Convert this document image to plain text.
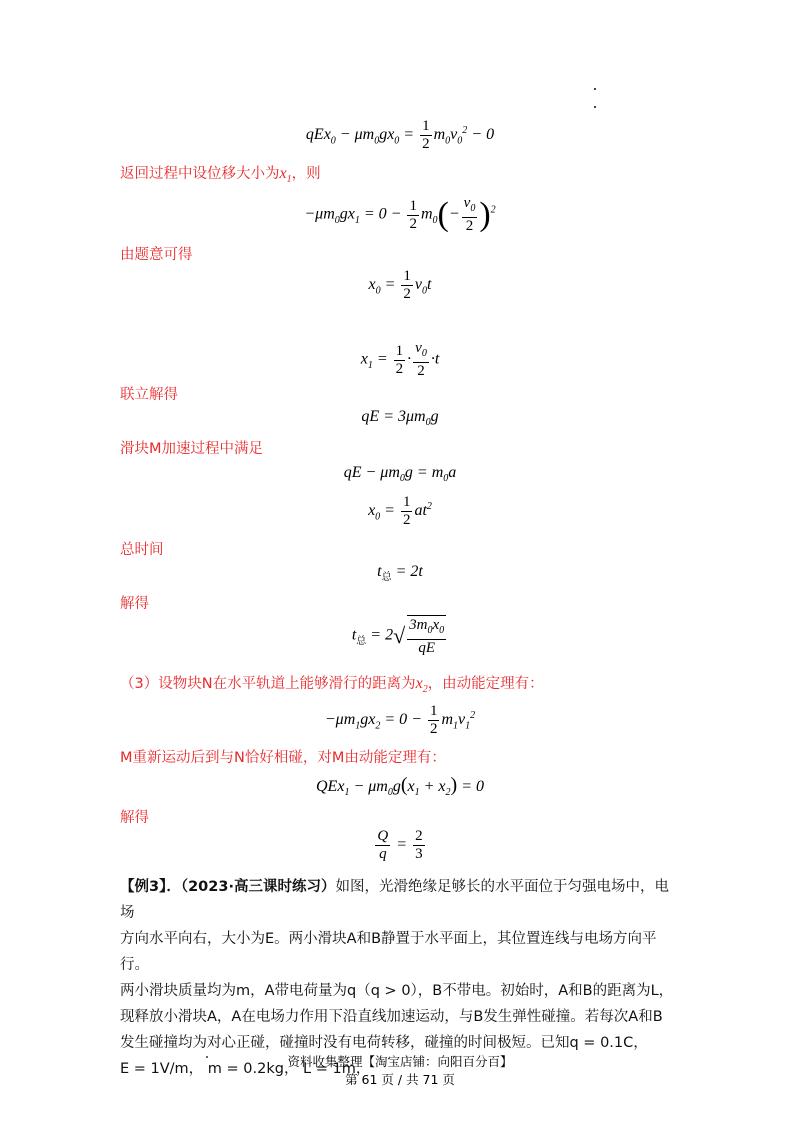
$qEx_0 - \mu m_0gx_0 = \frac{1}{2} m_0v_0^2 - 0$
返回过程中设位移大小为$x_1$，则
$-\mu m_0gx_1 = 0 - \frac{1}{2} m_0(- \frac{v_0}{2} )^2$
由题意可得
$x_0 = \frac{1}{2} v_0t$
$x_1 = \frac{1}{2} \cdot \frac{v_0}{2} \cdot t$
联立解得
qE = $3\mu m_0g$
滑块M加速过程中满足
qE − $\mu m_0g = m_0a$
$x_0 = \frac{1}{2} at^2$
总时间
$t_总 = 2t$
解得
$t_总 = 2√ \frac{3m_0x_0}{qE}$
（3）设物块N在水平轨道上能够滑行的距离为$x_2$，由动能定理有：
$-\mu m_1gx_2 = 0 - \frac{1}{2} m_1v_1^2$
M重新运动后到与N恰好相碰，对M由动能定理有：
$QEx_1 - \mu m_0g(x_1 + x_2) = 0$
解得
$\frac{Q}{q} = \frac{2}{3}$
【例3】．（2023·高三课时练习）如图，光滑绝缘足够长的水平面位于匀强电场中，电场
方向水平向右，大小为E。两小滑块A和B静置于水平面上，其位置连线与电场方向平行。
两小滑块质量均为m，A带电荷量为q（q > 0），B不带电。初始时，A和B的距离为L，
现释放小滑块A，A在电场力作用下沿直线加速运动，与B发生弹性碰撞。若每次A和B
发生碰撞均为对心正碰，碰撞时没有电荷转移，碰撞的时间极短。已知q = 0.1C，
E = 1V/m， m = 0.2kg， L = 1m，
资料收集整理【淘宝店铺：向阳百分百】
第 61 页 / 共 71 页
